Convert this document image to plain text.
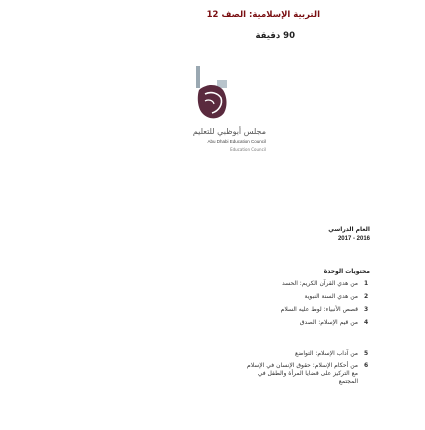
التربية الإسلامية: الصف 12
90 دقيقة
مجلس أبوظبي للتعليم
Abu Dhabi Education Council
Education Council
العام الدراسي
2017 - 2016
محتويات الوحدة
1
من هدي القرآن الكريم: الحسد
2
من هدي السنة النبوية
3
قصص الأنبياء: لوط عليه السلام
4
من قيم الإسلام: الصدق
5
من آداب الإسلام: التواضع
6
من أحكام الإسلام: حقوق الإنسان في الإسلام مع التركيز على قضايا المرأة والطفل في المجتمع
